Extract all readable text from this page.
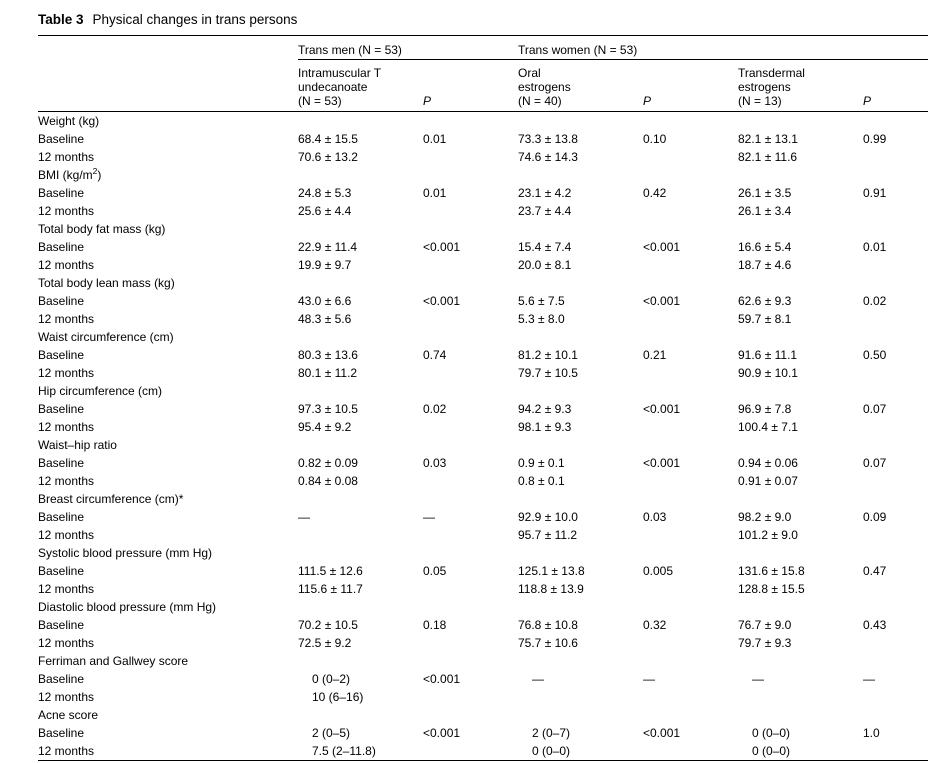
Table 3 Physical changes in trans persons

	Trans men (N = 53)		Trans women (N = 53)			

	Intramuscular T
undecanoate
(N = 53)	P	Oral
estrogens
(N = 40)	P	Transdermal
estrogens
(N = 13)	P

Weight (kg)						
Baseline	68.4 ± 15.5	0.01	73.3 ± 13.8	0.10	82.1 ± 13.1	0.99
12 months	70.6 ± 13.2		74.6 ± 14.3		82.1 ± 11.6	
BMI $(kg/m^2)$						
Baseline	24.8 ± 5.3	0.01	23.1 ± 4.2	0.42	26.1 ± 3.5	0.91
12 months	25.6 ± 4.4		23.7 ± 4.4		26.1 ± 3.4	
Total body fat mass (kg)						
Baseline	22.9 ± 11.4	<0.001	15.4 ± 7.4	<0.001	16.6 ± 5.4	0.01
12 months	19.9 ± 9.7		20.0 ± 8.1		18.7 ± 4.6	
Total body lean mass (kg)						
Baseline	43.0 ± 6.6	<0.001	5.6 ± 7.5	<0.001	62.6 ± 9.3	0.02
12 months	48.3 ± 5.6		5.3 ± 8.0		59.7 ± 8.1	
Waist circumference (cm)						
Baseline	80.3 ± 13.6	0.74	81.2 ± 10.1	0.21	91.6 ± 11.1	0.50
12 months	80.1 ± 11.2		79.7 ± 10.5		90.9 ± 10.1	
Hip circumference (cm)						
Baseline	97.3 ± 10.5	0.02	94.2 ± 9.3	<0.001	96.9 ± 7.8	0.07
12 months	95.4 ± 9.2		98.1 ± 9.3		100.4 ± 7.1	
Waist–hip ratio						
Baseline	0.82 ± 0.09	0.03	0.9 ± 0.1	<0.001	0.94 ± 0.06	0.07
12 months	0.84 ± 0.08		0.8 ± 0.1		0.91 ± 0.07	
Breast circumference (cm)*						
Baseline	—	—	92.9 ± 10.0	0.03	98.2 ± 9.0	0.09
12 months			95.7 ± 11.2		101.2 ± 9.0	
Systolic blood pressure (mm Hg)						
Baseline	111.5 ± 12.6	0.05	125.1 ± 13.8	0.005	131.6 ± 15.8	0.47
12 months	115.6 ± 11.7		118.8 ± 13.9		128.8 ± 15.5	
Diastolic blood pressure (mm Hg)						
Baseline	70.2 ± 10.5	0.18	76.8 ± 10.8	0.32	76.7 ± 9.0	0.43
12 months	72.5 ± 9.2		75.7 ± 10.6		79.7 ± 9.3	
Ferriman and Gallwey score						
Baseline	0 (0–2)	<0.001	—	—	—	—
12 months	10 (6–16)					
Acne score						
Baseline	2 (0–5)	<0.001	2 (0–7)	<0.001	0 (0–0)	1.0
12 months	7.5 (2–11.8)		0 (0–0)		0 (0–0)	
